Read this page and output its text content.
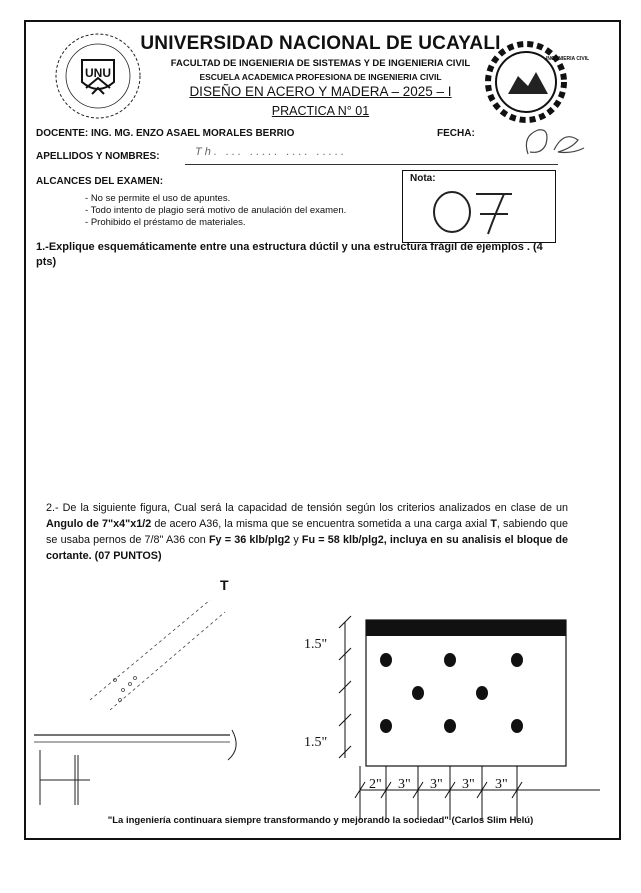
UNU
INGENIERIA CIVIL
UNIVERSIDAD NACIONAL DE UCAYALI
FACULTAD DE INGENIERIA DE SISTEMAS Y DE INGENIERIA CIVIL
ESCUELA ACADEMICA PROFESIONA DE INGENIERIA CIVIL
DISEÑO EN ACERO Y MADERA – 2025 – I
PRACTICA N° 01
DOCENTE: ING. MG. ENZO ASAEL MORALES BERRIO	FECHA:
APELLIDOS Y NOMBRES:	Th. ... ..... .... .....
ALCANCES DEL EXAMEN:
- No se permite el uso de apuntes.
- Todo intento de plagio será motivo de anulación del examen.
- Prohibido el préstamo de materiales.
Nota:
07
1.-Explique esquemáticamente entre una estructura dúctil y una estructura frágil de ejemplos . (4 pts)
2.- De la siguiente figura, Cual será la capacidad de tensión según los criterios analizados en clase de un Angulo de 7"x4"x1/2 de acero A36, la misma que se encuentra sometida a una carga axial T, sabiendo que se usaba pernos de 7/8" A36 con Fy = 36 klb/plg2 y Fu = 58 klb/plg2, incluya en su analisis el bloque de cortante. (07 PUNTOS)
T
1.5"
1.5"
2" 3" 3" 3" 3"
"La ingeniería continuara siempre transformando y mejorando la sociedad" (Carlos Slim Helú)
